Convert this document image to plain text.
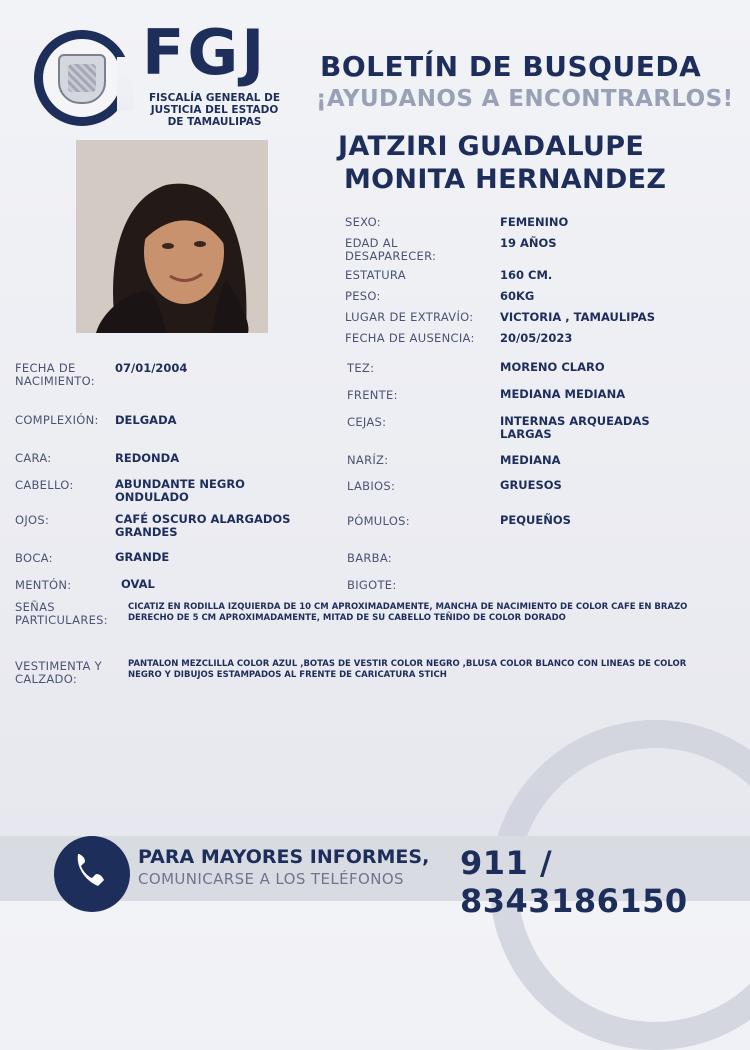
FGJ
FISCALÍA GENERAL DE JUSTICIA DEL ESTADO DE TAMAULIPAS
BOLETÍN DE BUSQUEDA
¡AYUDANOS A ENCONTRARLOS!
JATZIRI GUADALUPE
MONITA HERNANDEZ
SEXO:	FEMENINO
EDAD AL DESAPARECER:
19 AÑOS
ESTATURA	160 CM.
PESO:	60KG
LUGAR DE EXTRAVÍO: VICTORIA , TAMAULIPAS
FECHA DE AUSENCIA: 20/05/2023
FECHA DE NACIMIENTO:
07/01/2004
COMPLEXIÓN: DELGADA
CARA:	REDONDA
CABELLO:	ABUNDANTE NEGRO ONDULADO
OJOS:	CAFÉ OSCURO ALARGADOS GRANDES
BOCA:	GRANDE
MENTÓN:	OVAL
TEZ:	MORENO CLARO
FRENTE:	MEDIANA MEDIANA
CEJAS:	INTERNAS ARQUEADAS LARGAS
NARÍZ:	MEDIANA
LABIOS:	GRUESOS
PÓMULOS:	PEQUEÑOS
BARBA:
BIGOTE:
SEÑAS PARTICULARES:
CICATIZ EN RODILLA IZQUIERDA DE 10 CM APROXIMADAMENTE, MANCHA DE NACIMIENTO DE COLOR CAFE EN BRAZO DERECHO DE 5 CM APROXIMADAMENTE, MITAD DE SU CABELLO TEÑIDO DE COLOR DORADO
VESTIMENTA Y CALZADO:
PANTALON MEZCLILLA COLOR AZUL ,BOTAS DE VESTIR COLOR NEGRO ,BLUSA COLOR BLANCO CON LINEAS DE COLOR NEGRO Y DIBUJOS ESTAMPADOS AL FRENTE DE CARICATURA STICH
PARA MAYORES INFORMES,
COMUNICARSE A LOS TELÉFONOS 911 / 8343186150
